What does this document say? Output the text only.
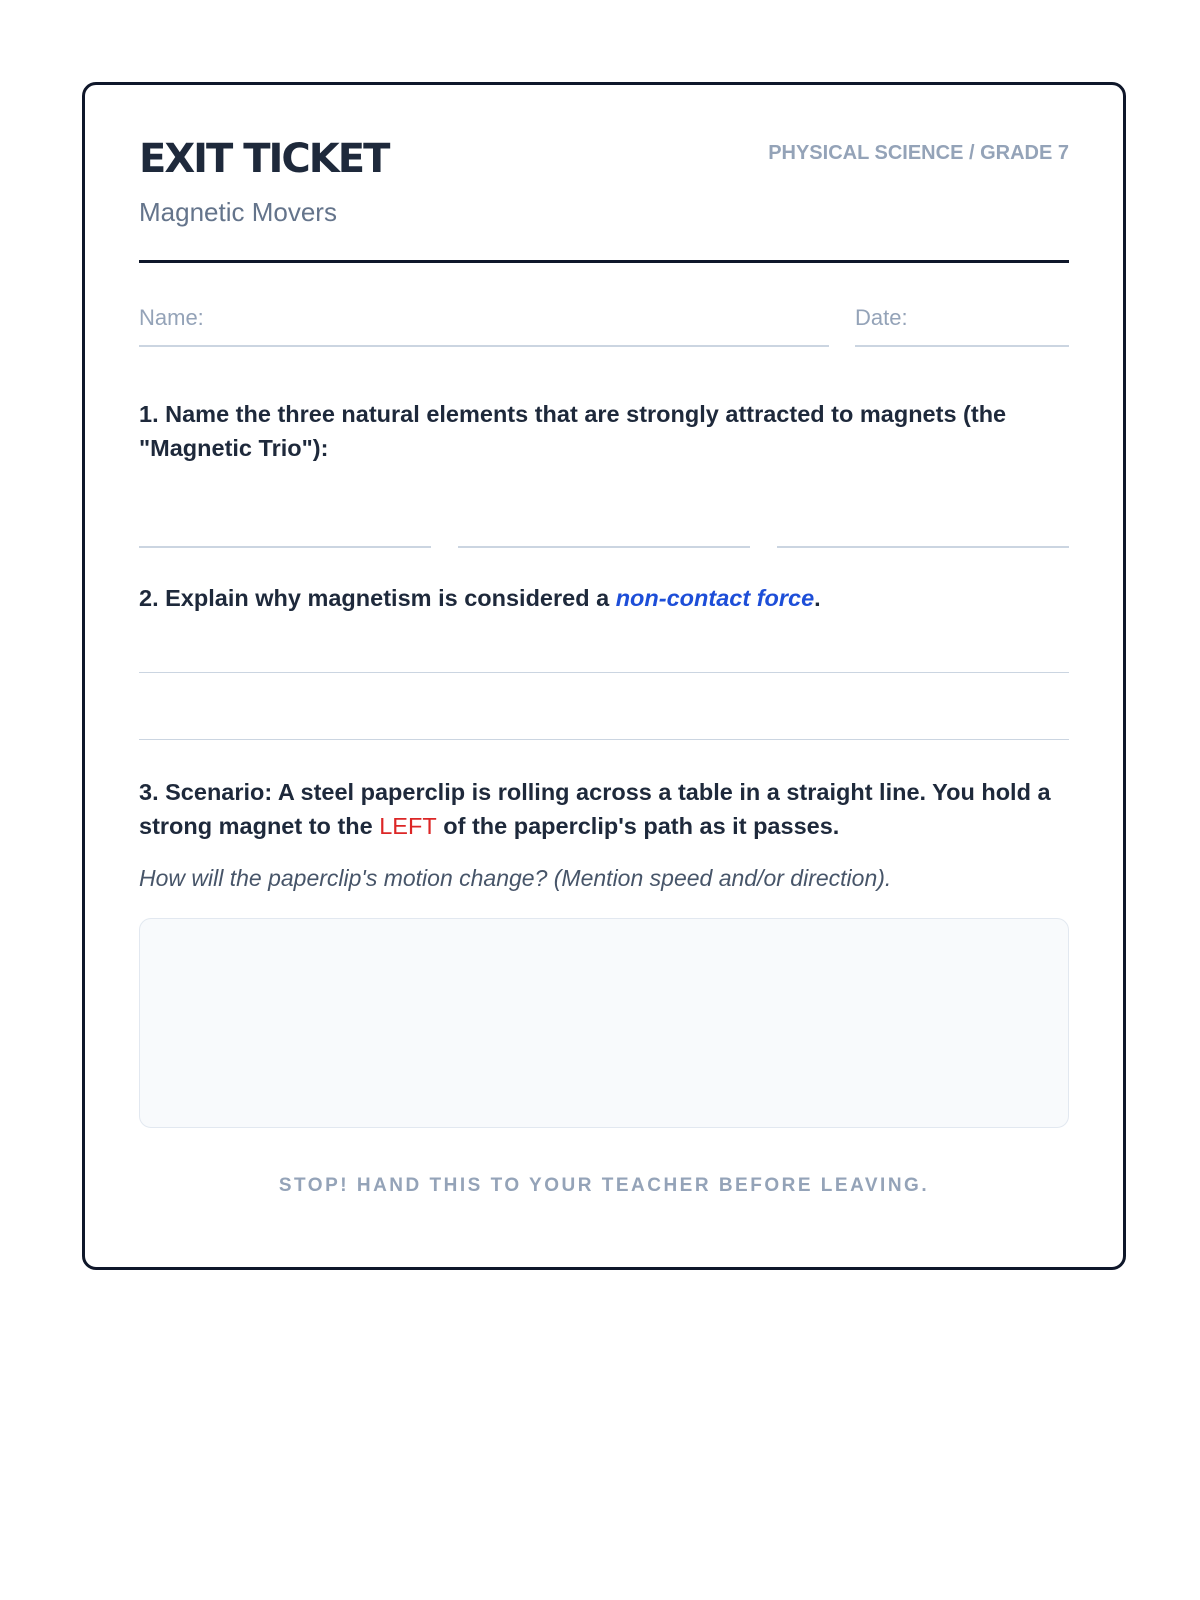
EXIT TICKET
Magnetic Movers
PHYSICAL SCIENCE / GRADE 7
Name:	Date:
1. Name the three natural elements that are strongly attracted to magnets (the "Magnetic Trio"):
2. Explain why magnetism is considered a non-contact force.
3. Scenario: A steel paperclip is rolling across a table in a straight line. You hold a strong magnet to the LEFT of the paperclip's path as it passes.
How will the paperclip's motion change? (Mention speed and/or direction).
STOP! HAND THIS TO YOUR TEACHER BEFORE LEAVING.
